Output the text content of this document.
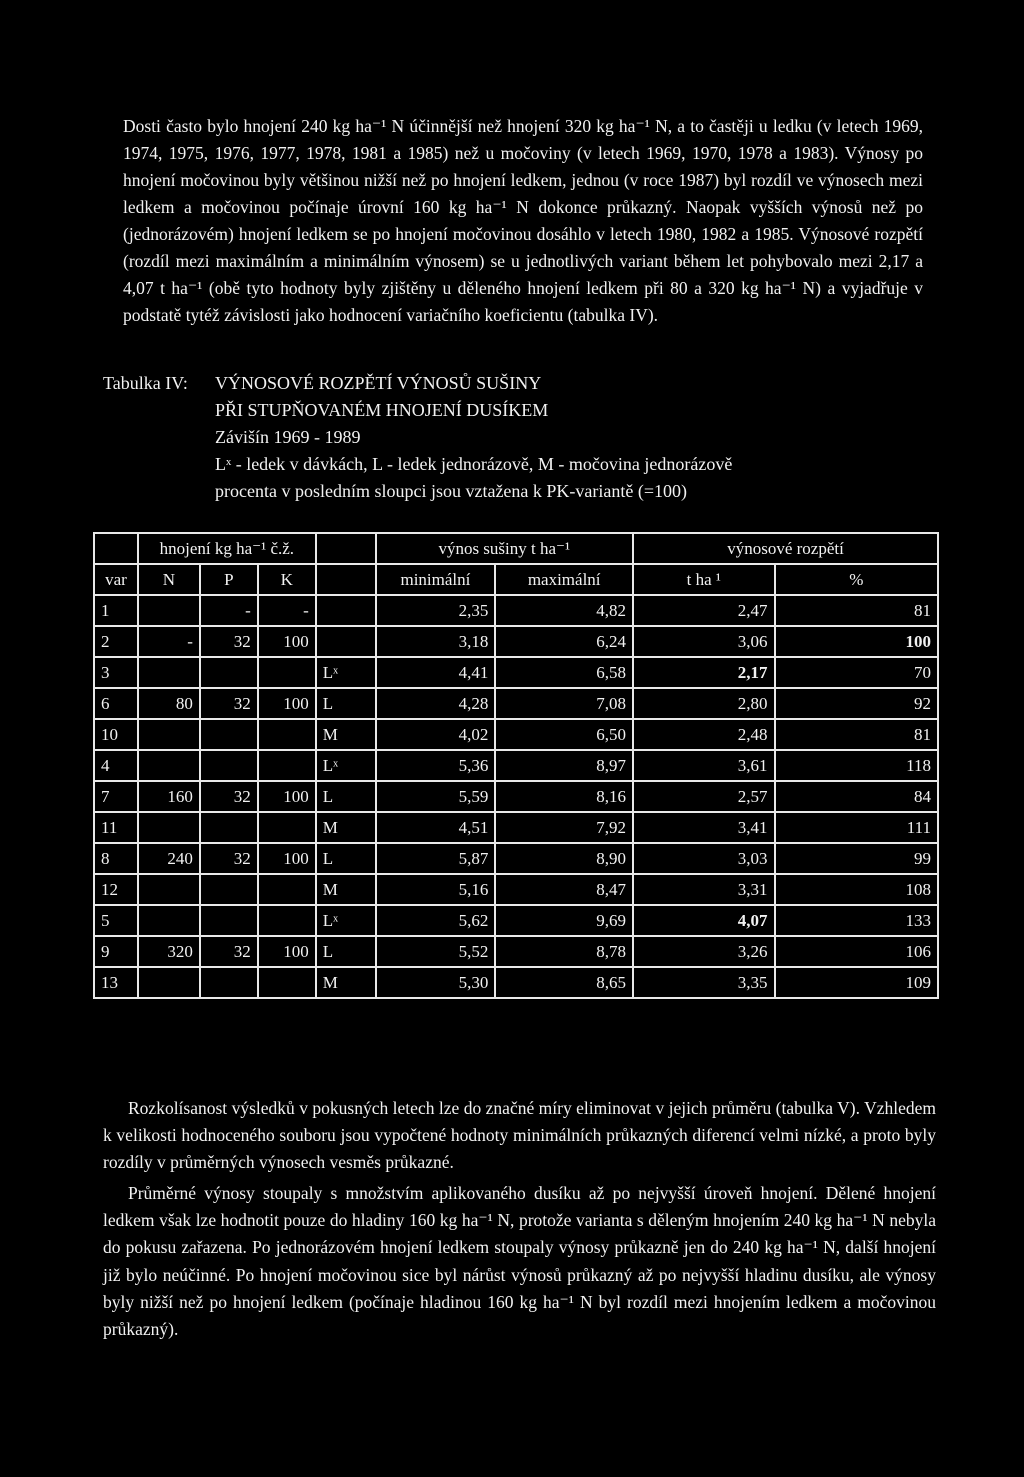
Dosti často bylo hnojení 240 kg ha⁻¹ N účinnější než hnojení 320 kg ha⁻¹ N, a to častěji u ledku (v letech 1969, 1974, 1975, 1976, 1977, 1978, 1981 a 1985) než u močoviny (v letech 1969, 1970, 1978 a 1983). Výnosy po hnojení močovinou byly většinou nižší než po hnojení ledkem, jednou (v roce 1987) byl rozdíl ve výnosech mezi ledkem a močovinou počínaje úrovní 160 kg ha⁻¹ N dokonce průkazný. Naopak vyšších výnosů než po (jednorázovém) hnojení ledkem se po hnojení močovinou dosáhlo v letech 1980, 1982 a 1985. Výnosové rozpětí (rozdíl mezi maximálním a minimálním výnosem) se u jednotlivých variant během let pohybovalo mezi 2,17 a 4,07 t ha⁻¹ (obě tyto hodnoty byly zjištěny u děleného hnojení ledkem při 80 a 320 kg ha⁻¹ N) a vyjadřuje v podstatě tytéž závislosti jako hodnocení variačního koeficientu (tabulka IV).

Tabulka IV: VÝNOSOVÉ ROZPĚTÍ VÝNOSŮ SUŠINY
PŘI STUPŇOVANÉM HNOJENÍ DUSÍKEM
Závišín 1969 - 1989
Lˣ - ledek v dávkách, L - ledek jednorázově, M - močovina jednorázově
procenta v posledním sloupci jsou vztažena k PK-variantě (=100)
	hnojení kg ha⁻¹ č.ž.				výnos sušiny t ha⁻¹		výnosové rozpětí	
var	N	P	K		minimální	maximální	t ha ¹	%
1		-	-		2,35	4,82	2,47	81
2	-	32	100		3,18	6,24	3,06	100
3				Lˣ	4,41	6,58	2,17	70
6	80	32	100	L	4,28	7,08	2,80	92
10				M	4,02	6,50	2,48	81
4				Lˣ	5,36	8,97	3,61	118
7	160	32	100	L	5,59	8,16	2,57	84
11				M	4,51	7,92	3,41	111
8	240	32	100	L	5,87	8,90	3,03	99
12				M	5,16	8,47	3,31	108
5				Lˣ	5,62	9,69	4,07	133
9	320	32	100	L	5,52	8,78	3,26	106
13				M	5,30	8,65	3,35	109

Rozkolísanost výsledků v pokusných letech lze do značné míry eliminovat v jejich průměru (tabulka V). Vzhledem k velikosti hodnoceného souboru jsou vypočtené hodnoty minimálních průkazných diferencí velmi nízké, a proto byly rozdíly v průměrných výnosech vesměs průkazné.

Průměrné výnosy stoupaly s množstvím aplikovaného dusíku až po nejvyšší úroveň hnojení. Dělené hnojení ledkem však lze hodnotit pouze do hladiny 160 kg ha⁻¹ N, protože varianta s děleným hnojením 240 kg ha⁻¹ N nebyla do pokusu zařazena. Po jednorázovém hnojení ledkem stoupaly výnosy průkazně jen do 240 kg ha⁻¹ N, další hnojení již bylo neúčinné. Po hnojení močovinou sice byl nárůst výnosů průkazný až po nejvyšší hladinu dusíku, ale výnosy byly nižší než po hnojení ledkem (počínaje hladinou 160 kg ha⁻¹ N byl rozdíl mezi hnojením ledkem a močovinou průkazný).
